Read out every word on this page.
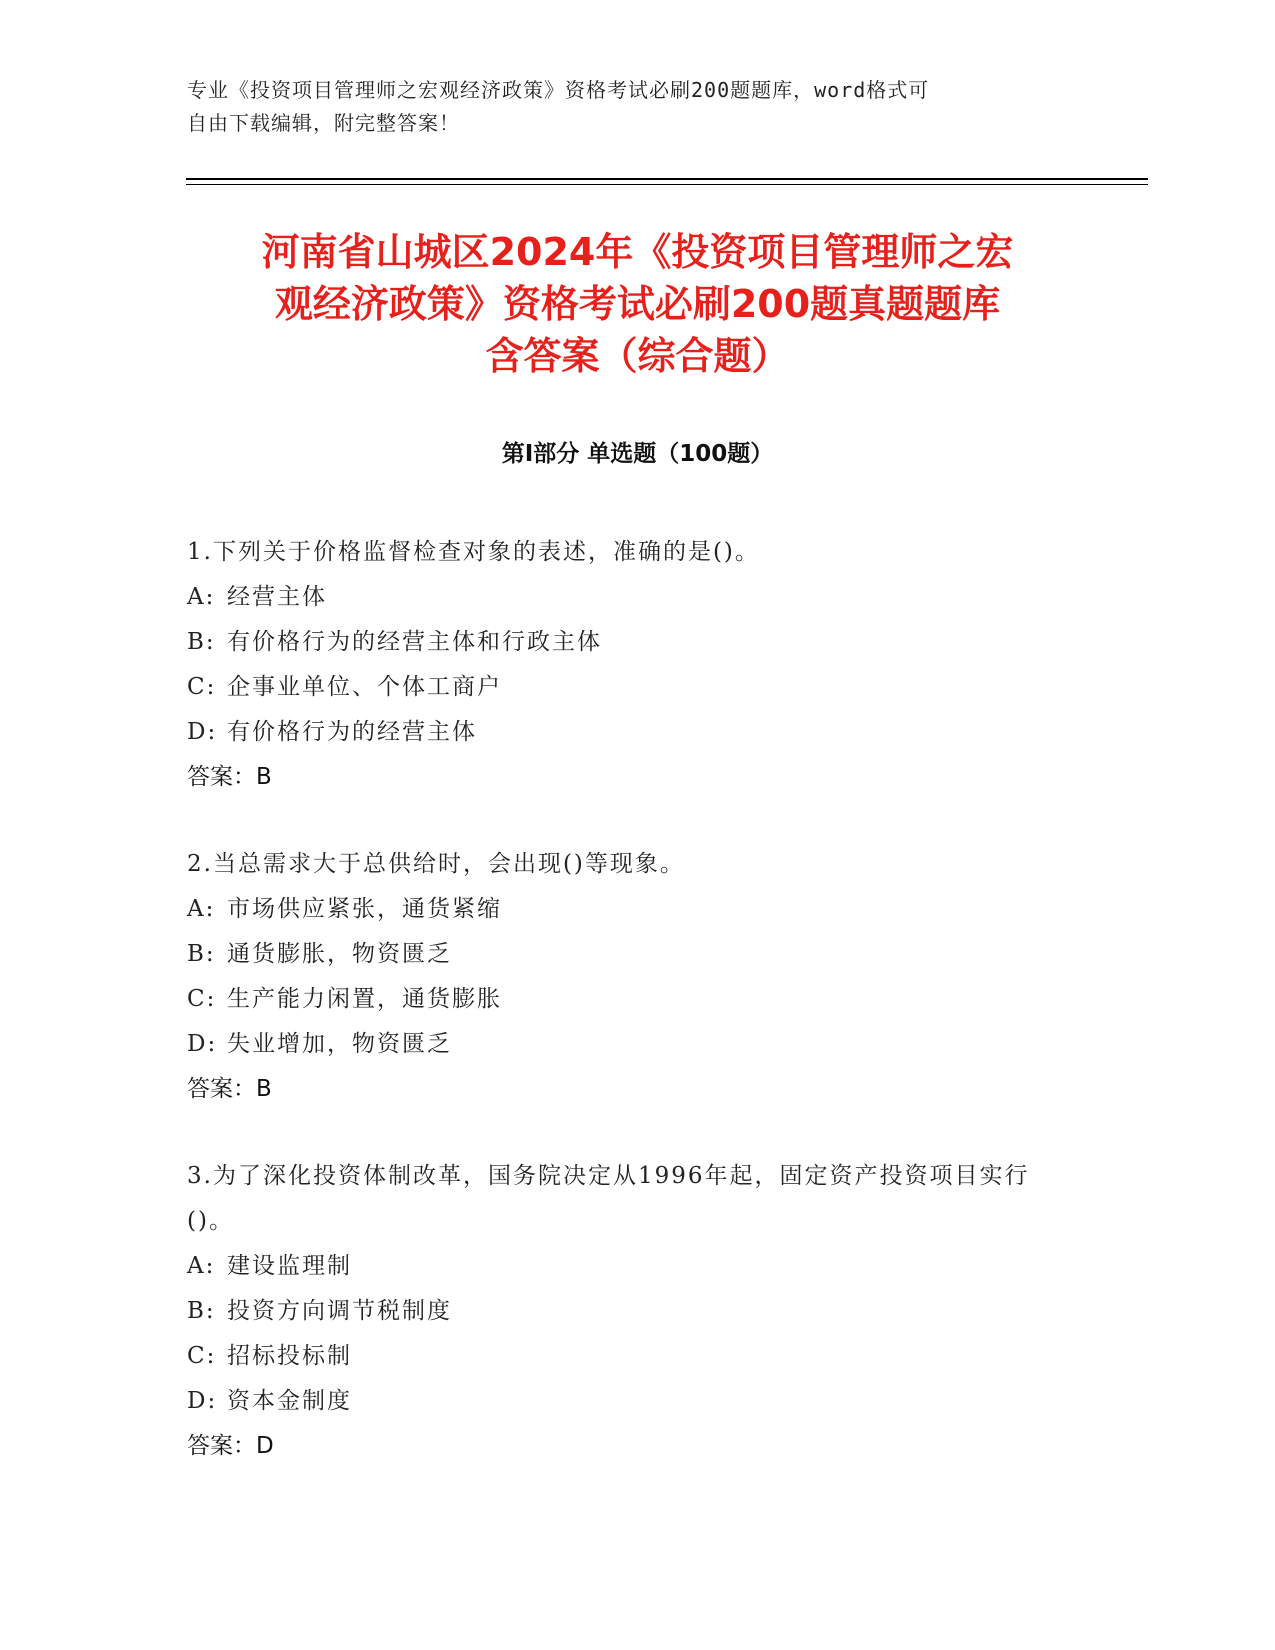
专业《投资项目管理师之宏观经济政策》资格考试必刷200题题库，word格式可
自由下载编辑，附完整答案！
河南省山城区2024年《投资项目管理师之宏
观经济政策》资格考试必刷200题真题题库
含答案（综合题）
第Ⅰ部分 单选题（100题）
1.下列关于价格监督检查对象的表述，准确的是()。
A: 经营主体
B: 有价格行为的经营主体和行政主体
C: 企事业单位、个体工商户
D: 有价格行为的经营主体
答案：B
2.当总需求大于总供给时，会出现()等现象。
A: 市场供应紧张，通货紧缩
B: 通货膨胀，物资匮乏
C: 生产能力闲置，通货膨胀
D: 失业增加，物资匮乏
答案：B
3.为了深化投资体制改革，国务院决定从1996年起，固定资产投资项目实行()。
A: 建设监理制
B: 投资方向调节税制度
C: 招标投标制
D: 资本金制度
答案：D
